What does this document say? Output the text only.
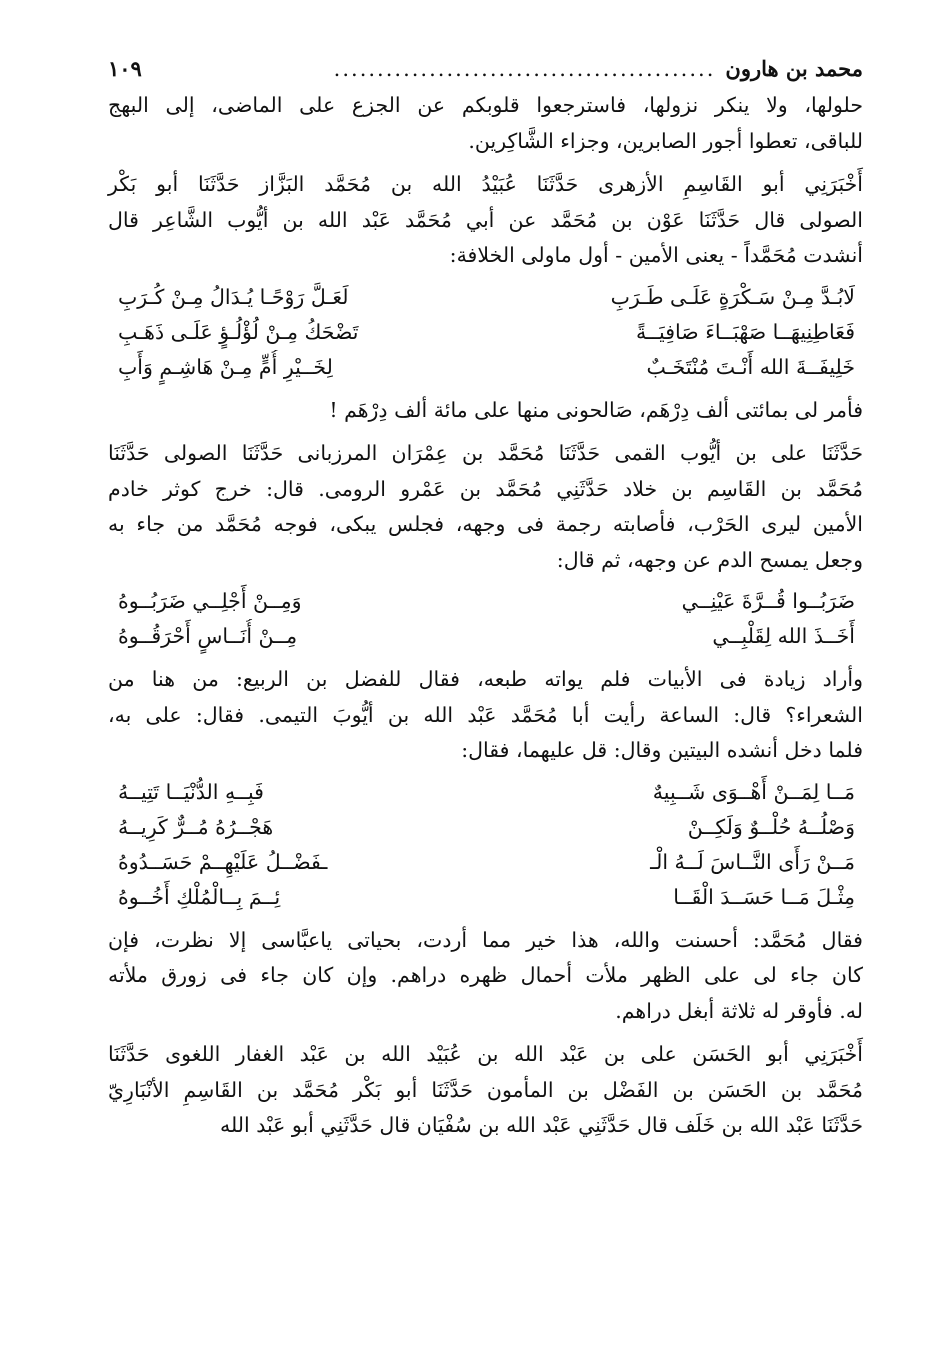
محمد بن هارون
............................................
١٠٩
حلولها، ولا ينكر نزولها، فاسترجعوا قلوبكم عن الجزع على الماضى، إلى البهج
للباقى، تعطوا أجور الصابرين، وجزاء الشَّاكِرين.
أَخْبَرَنِي أبو القَاسِمِ الأزهرى حَدَّثَنَا عُبَيْدُ الله بن مُحَمَّد البَزَّاز حَدَّثَنَا أبو بَكْر
الصولى قال حَدَّثَنَا عَوْن بن مُحَمَّد عن أبي مُحَمَّد عَبْد الله بن أيُّوب الشَّاعِر قال
أنشدت مُحَمَّداً - يعنى الأمين - أول ماولى الخلافة:
لَابُـدَّ مِـنْ سَـكْرَةٍ عَلَـى طَـرَبِ
لَعَـلَّ رَوْحًـا يُـدَالُ مِـنْ كُـرَبِ
فَعَاطِنِيهَــا صَهْبَــاءَ صَافِيَــةً
تَضْحَكُ مِـنْ لُؤْلُـؤٍ عَلَـى ذَهَـبِ
خَلِيفَــةَ الله أَنْـتَ مُنْتَخَـبٌ
لِخَــيْرِ أُمٍّ مِـنْ هَاشِـمٍ وَأَبِ
فأمر لى بمائتى ألف دِرْهَم، صَالحونى منها على مائة ألف دِرْهَم !
حَدَّثَنَا على بن أيُّوب القمى حَدَّثَنَا مُحَمَّد بن عِمْرَان المرزبانى حَدَّثَنَا الصولى حَدَّثَنَا
مُحَمَّد بن القَاسِم بن خلاد حَدَّثَنِي مُحَمَّد بن عَمْرو الرومى. قال: خرج كوثر خادم
الأمين ليرى الحَرْب، فأصابته رجمة فى وجهه، فجلس يبكى، فوجه مُحَمَّد من جاء به
وجعل يمسح الدم عن وجهه، ثم قال:
ضَرَبُــوا قُــرَّةَ عَيْنِــي
وَمِــنْ أَجْلِــي ضَرَبُــوهُ
أَخَــذَ الله لِقَلْبِــي
مِــنْ أُنَــاسٍ أَحْرَقُــوهُ
وأراد زيادة فى الأبيات فلم يواته طبعه، فقال للفضل بن الربيع: من هنا من
الشعراء؟ قال: الساعة رأيت أبا مُحَمَّد عَبْد الله بن أيُّوبَ التيمى. فقال: على به،
فلما دخل أنشده البيتين وقال: قل عليهما، فقال:
مَــا لِمَــنْ أَهْــوَى شَــبِيهٌ
فَبِــهِ الدُّنْيَــا تَتِيــهُ
وَصْلُــهُ حُلْــوٌ وَلَكِــنْ
هَجْــرُهُ مُــرٌّ كَرِيــهُ
مَــنْ رَأَى النَّــاسَ لَــهُ الْـ
ـفَضْــلُ عَلَيْهِــمْ حَسَــدُوهُ
مِثْـلَ مَــا حَسَــدَ الْقَــا
ئِــمَ بِــالْمُلْكِ أَخُــوهُ
فقال مُحَمَّد: أحسنت والله، هذا خير مما أردت، بحياتى ياعبَّاسى إلا نظرت، فإن
كان جاء لى على الظهر ملأت أحمال ظهره دراهم. وإن كان جاء فى زورق ملأته
له. فأوقر له ثلاثة أبغل دراهم.
أَخْبَرَنِي أبو الحَسَن على بن عَبْد الله بن عُبَيْد الله بن عَبْد الغفار اللغوى حَدَّثَنَا
مُحَمَّد بن الحَسَن بن الفَضْل بن المأمون حَدَّثَنَا أبو بَكْر مُحَمَّد بن القَاسِمِ الأنْبَارِيّ
حَدَّثَنَا عَبْد الله بن خَلَف قال حَدَّثَنِي عَبْد الله بن سُفْيَان قال حَدَّثَنِي أبو عَبْد الله
